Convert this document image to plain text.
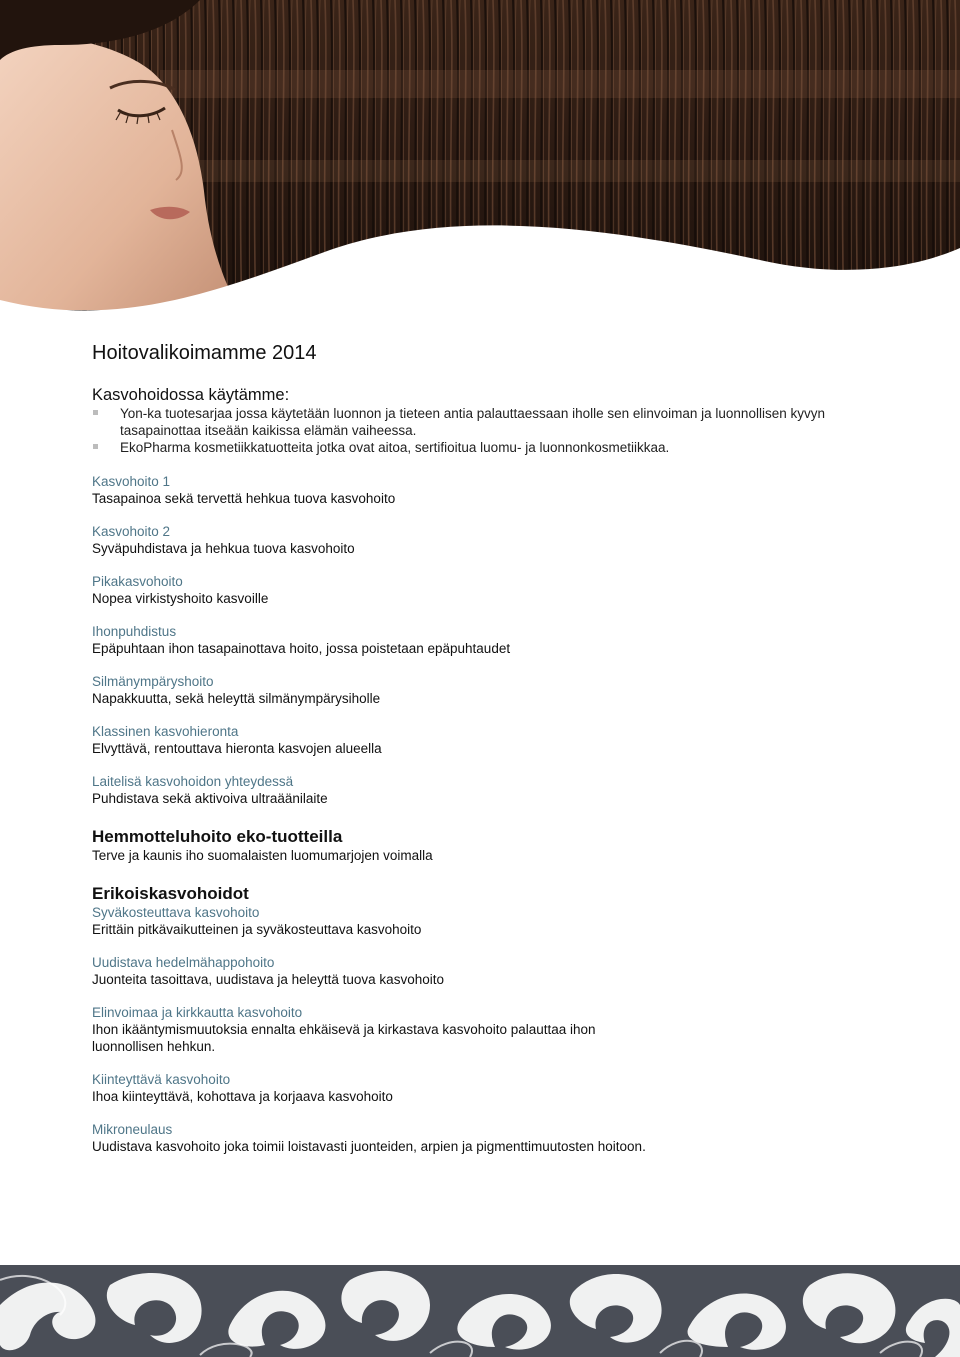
Hoitovalikoimamme 2014
Kasvohoidossa käytämme:
Yon-ka tuotesarjaa jossa käytetään luonnon ja tieteen antia palauttaessaan iholle sen elinvoiman ja luonnollisen kyvyn tasapainottaa itseään kaikissa elämän vaiheessa.
EkoPharma kosmetiikkatuotteita jotka ovat aitoa, sertifioitua luomu- ja luonnonkosmetiikkaa.
Kasvohoito 1
Tasapainoa sekä tervettä hehkua tuova kasvohoito
Kasvohoito 2
Syväpuhdistava ja hehkua tuova kasvohoito
Pikakasvohoito
Nopea virkistyshoito kasvoille
Ihonpuhdistus
Epäpuhtaan ihon tasapainottava hoito, jossa poistetaan epäpuhtaudet
Silmänympäryshoito
Napakkuutta, sekä heleyttä silmänympärysiholle
Klassinen kasvohieronta
Elvyttävä, rentouttava hieronta kasvojen alueella
Laitelisä kasvohoidon yhteydessä
Puhdistava sekä aktivoiva ultraäänilaite
Hemmotteluhoito eko-tuotteilla
Terve ja kaunis iho suomalaisten luomumarjojen voimalla
Erikoiskasvohoidot
Syväkosteuttava kasvohoito
Erittäin pitkävaikutteinen ja syväkosteuttava kasvohoito
Uudistava hedelmähappohoito
Juonteita tasoittava, uudistava ja heleyttä tuova kasvohoito
Elinvoimaa ja kirkkautta kasvohoito
Ihon ikääntymismuutoksia ennalta ehkäisevä ja kirkastava kasvohoito palauttaa ihon luonnollisen hehkun.
Kiinteyttävä kasvohoito
Ihoa kiinteyttävä, kohottava ja korjaava kasvohoito
Mikroneulaus
Uudistava kasvohoito joka toimii loistavasti juonteiden, arpien ja pigmenttimuutosten hoitoon.
